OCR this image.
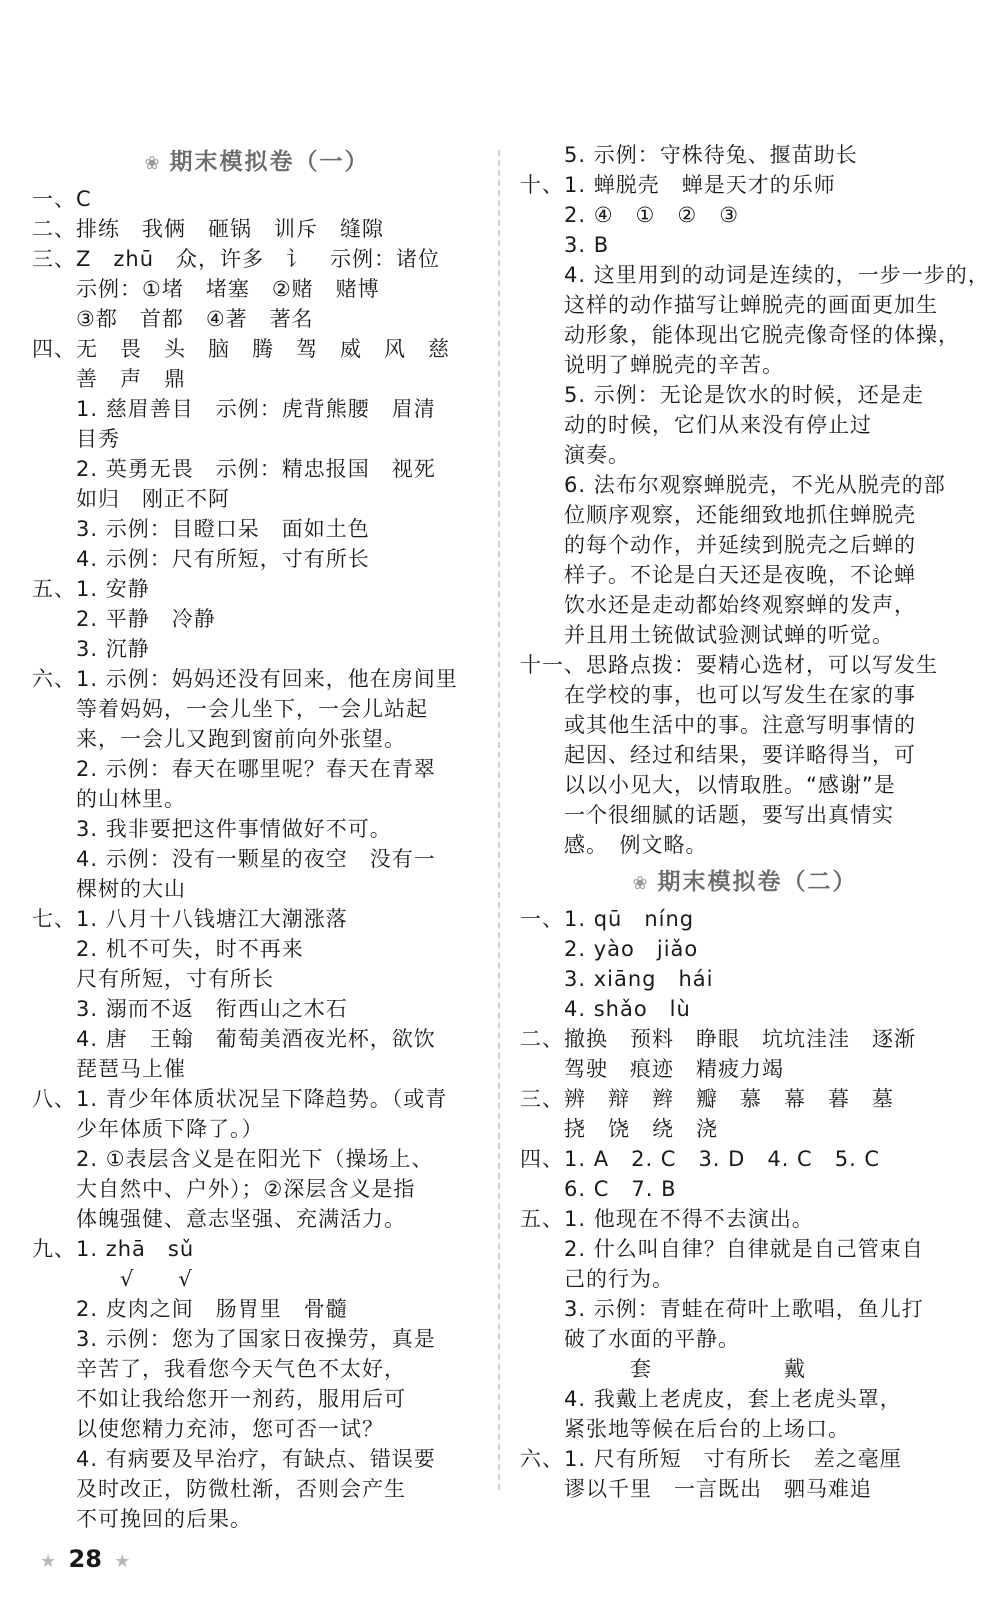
❀ 期末模拟卷（一）
一、C
二、排练　我俩　砸锅　训斥　缝隙
三、Z　zhū　众，许多　讠　示例：诸位
　　示例：①堵　堵塞　②赌　赌博
　　③都　首都　④著　著名
四、无　畏　头　脑　腾　驾　威　风　慈
　　善　声　鼎
　　1. 慈眉善目　示例：虎背熊腰　眉清
　　目秀
　　2. 英勇无畏　示例：精忠报国　视死
　　如归　刚正不阿
　　3. 示例：目瞪口呆　面如土色
　　4. 示例：尺有所短，寸有所长
五、1. 安静
　　2. 平静　冷静
　　3. 沉静
六、1. 示例：妈妈还没有回来，他在房间里
　　等着妈妈，一会儿坐下，一会儿站起
　　来，一会儿又跑到窗前向外张望。
　　2. 示例：春天在哪里呢？春天在青翠
　　的山林里。
　　3. 我非要把这件事情做好不可。
　　4. 示例：没有一颗星的夜空　没有一
　　棵树的大山
七、1. 八月十八钱塘江大潮涨落
　　2. 机不可失，时不再来
　　尺有所短，寸有所长
　　3. 溺而不返　衔西山之木石
　　4. 唐　王翰　葡萄美酒夜光杯，欲饮
　　琵琶马上催
八、1. 青少年体质状况呈下降趋势。（或青
　　少年体质下降了。）
　　2. ①表层含义是在阳光下（操场上、
　　大自然中、户外）；②深层含义是指
　　体魄强健、意志坚强、充满活力。
九、1. zhā　sǔ
　　　　√　　√
　　2. 皮肉之间　肠胃里　骨髓
　　3. 示例：您为了国家日夜操劳，真是
　　辛苦了，我看您今天气色不太好，
　　不如让我给您开一剂药，服用后可
　　以使您精力充沛，您可否一试？
　　4. 有病要及早治疗，有缺点、错误要
　　及时改正，防微杜渐，否则会产生
　　不可挽回的后果。
　　5. 示例：守株待兔、揠苗助长
十、1. 蝉脱壳　蝉是天才的乐师
　　2. ④　①　②　③
　　3. B
　　4. 这里用到的动词是连续的，一步一步的，
　　这样的动作描写让蝉脱壳的画面更加生
　　动形象，能体现出它脱壳像奇怪的体操，
　　说明了蝉脱壳的辛苦。
　　5. 示例：无论是饮水的时候，还是走
　　动的时候，它们从来没有停止过
　　演奏。
　　6. 法布尔观察蝉脱壳，不光从脱壳的部
　　位顺序观察，还能细致地抓住蝉脱壳
　　的每个动作，并延续到脱壳之后蝉的
　　样子。不论是白天还是夜晚，不论蝉
　　饮水还是走动都始终观察蝉的发声，
　　并且用土铳做试验测试蝉的听觉。
十一、思路点拨：要精心选材，可以写发生
　　在学校的事，也可以写发生在家的事
　　或其他生活中的事。注意写明事情的
　　起因、经过和结果，要详略得当，可
　　以以小见大，以情取胜。“感谢”是
　　一个很细腻的话题，要写出真情实
　　感。　例文略。
❀ 期末模拟卷（二）
一、1. qū　níng
　　2. yào　jiǎo
　　3. xiāng　hái
　　4. shǎo　lù
二、撤换　预料　睁眼　坑坑洼洼　逐渐
　　驾驶　痕迹　精疲力竭
三、辨　辩　辫　瓣　慕　幕　暮　墓
　　挠　饶　绕　浇
四、1. A　2. C　3. D　4. C　5. C
　　6. C　7. B
五、1. 他现在不得不去演出。
　　2. 什么叫自律？自律就是自己管束自
　　己的行为。
　　3. 示例：青蛙在荷叶上歌唱，鱼儿打
　　破了水面的平静。
　　　　　套　　　　　　戴
　　4. 我戴上老虎皮，套上老虎头罩，
　　紧张地等候在后台的上场口。
六、1. 尺有所短　寸有所长　差之毫厘
　　谬以千里　一言既出　驷马难追
★ 28 ★
